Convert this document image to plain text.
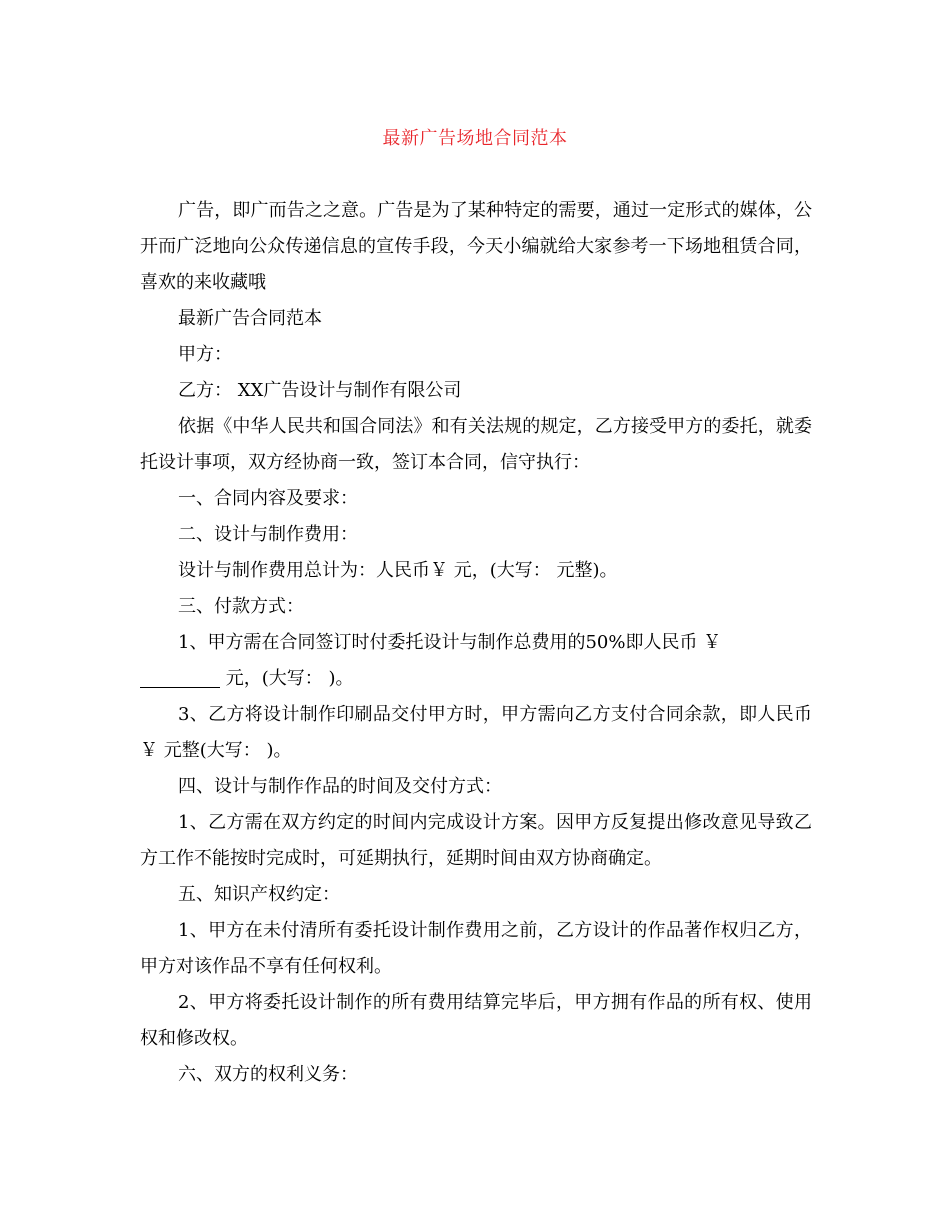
最新广告场地合同范本

广告，即广而告之之意。广告是为了某种特定的需要，通过一定形式的媒体，公开而广泛地向公众传递信息的宣传手段，今天小编就给大家参考一下场地租赁合同，喜欢的来收藏哦

最新广告合同范本

甲方：

乙方： XX广告设计与制作有限公司

依据《中华人民共和国合同法》和有关法规的规定，乙方接受甲方的委托，就委托设计事项，双方经协商一致，签订本合同，信守执行：

一、合同内容及要求：

二、设计与制作费用：

设计与制作费用总计为：人民币￥ 元，(大写： 元整)。

三、付款方式：

1、甲方需在合同签订时付委托设计与制作总费用的50%即人民币 ￥

元，(大写： )。

3、乙方将设计制作印刷品交付甲方时，甲方需向乙方支付合同余款，即人民币￥ 元整(大写： )。

四、设计与制作作品的时间及交付方式：

1、乙方需在双方约定的时间内完成设计方案。因甲方反复提出修改意见导致乙方工作不能按时完成时，可延期执行，延期时间由双方协商确定。

五、知识产权约定：

1、甲方在未付清所有委托设计制作费用之前，乙方设计的作品著作权归乙方，甲方对该作品不享有任何权利。

2、甲方将委托设计制作的所有费用结算完毕后，甲方拥有作品的所有权、使用权和修改权。

六、双方的权利义务：
